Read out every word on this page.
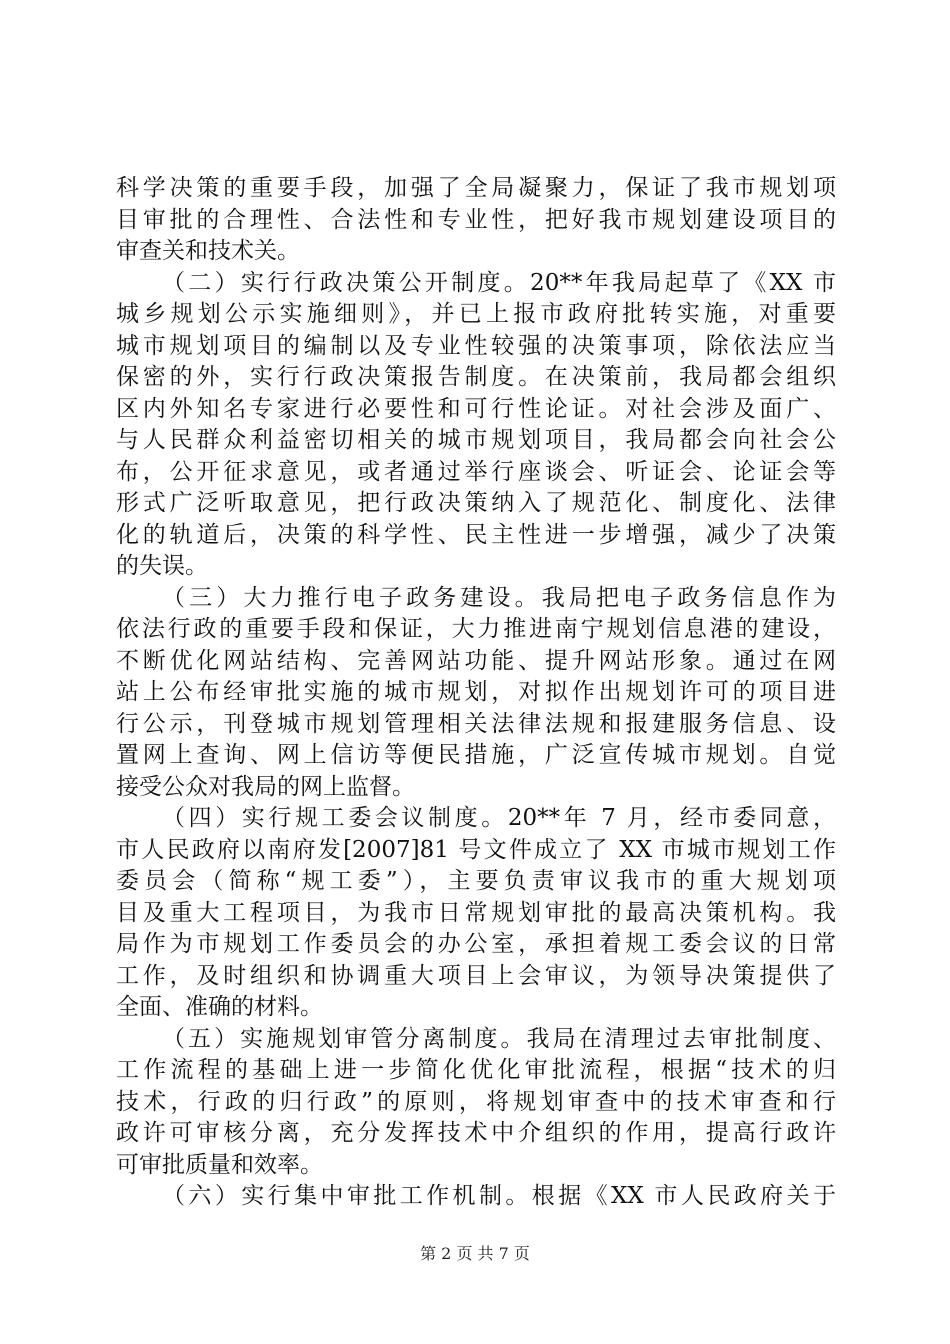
科学决策的重要手段，加强了全局凝聚力，保证了我市规划项
目审批的合理性、合法性和专业性，把好我市规划建设项目的
审查关和技术关。
（二）实行行政决策公开制度。20**年我局起草了《XX 市
城乡规划公示实施细则》，并已上报市政府批转实施，对重要
城市规划项目的编制以及专业性较强的决策事项，除依法应当
保密的外，实行行政决策报告制度。在决策前，我局都会组织
区内外知名专家进行必要性和可行性论证。对社会涉及面广、
与人民群众利益密切相关的城市规划项目，我局都会向社会公
布，公开征求意见，或者通过举行座谈会、听证会、论证会等
形式广泛听取意见，把行政决策纳入了规范化、制度化、法律
化的轨道后，决策的科学性、民主性进一步增强，减少了决策
的失误。
（三）大力推行电子政务建设。我局把电子政务信息作为
依法行政的重要手段和保证，大力推进南宁规划信息港的建设，
不断优化网站结构、完善网站功能、提升网站形象。通过在网
站上公布经审批实施的城市规划，对拟作出规划许可的项目进
行公示，刊登城市规划管理相关法律法规和报建服务信息、设
置网上查询、网上信访等便民措施，广泛宣传城市规划。自觉
接受公众对我局的网上监督。
（四）实行规工委会议制度。20**年 7 月，经市委同意，
市人民政府以南府发[2007]81 号文件成立了 XX 市城市规划工作
委员会（简称“规工委”），主要负责审议我市的重大规划项
目及重大工程项目，为我市日常规划审批的最高决策机构。我
局作为市规划工作委员会的办公室，承担着规工委会议的日常
工作，及时组织和协调重大项目上会审议，为领导决策提供了
全面、准确的材料。
（五）实施规划审管分离制度。我局在清理过去审批制度、
工作流程的基础上进一步简化优化审批流程，根据“技术的归
技术，行政的归行政”的原则，将规划审查中的技术审查和行
政许可审核分离，充分发挥技术中介组织的作用，提高行政许
可审批质量和效率。
（六）实行集中审批工作机制。根据《XX 市人民政府关于
第 2 页 共 7 页
